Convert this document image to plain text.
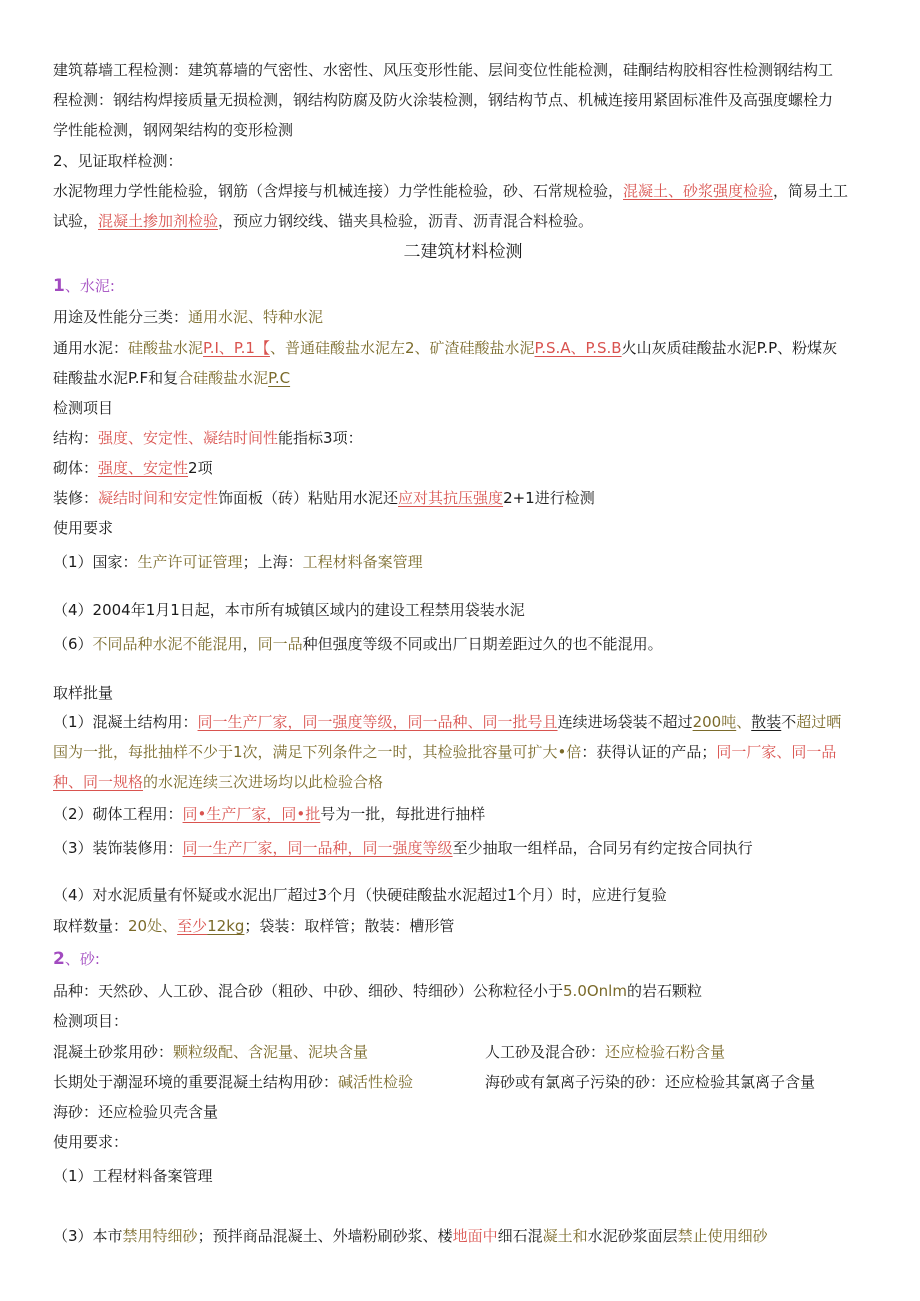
建筑幕墙工程检测：建筑幕墙的气密性、水密性、风压变形性能、层间变位性能检测，硅酮结构胶相容性检测钢结构工
程检测：钢结构焊接质量无损检测，钢结构防腐及防火涂装检测，钢结构节点、机械连接用紧固标准件及高强度螺栓力
学性能检测，钢网架结构的变形检测
2、见证取样检测：
水泥物理力学性能检验，钢筋（含焊接与机械连接）力学性能检验，砂、石常规检验，混凝土、砂浆强度检验，简易土工
试验，混凝土掺加剂检验，预应力钢绞线、锚夹具检验，沥青、沥青混合料检验。
二建筑材料检测
1、水泥:
用途及性能分三类：通用水泥、特种水泥
通用水泥：硅酸盐水泥P.I、P.1【、普通硅酸盐水泥左2、矿渣硅酸盐水泥P.S.A、P.S.B火山灰质硅酸盐水泥P.P、粉煤灰
硅酸盐水泥P.F和复合硅酸盐水泥P.C
检测项目
结构：强度、安定性、凝结时间性能指标3项：
砌体：强度、安定性2项
装修：凝结时间和安定性饰面板（砖）粘贴用水泥还应对其抗压强度2+1进行检测
使用要求
（1）国家：生产许可证管理；上海：工程材料备案管理
（4）2004年1月1日起，本市所有城镇区域内的建设工程禁用袋装水泥
（6）不同品种水泥不能混用，同一品种但强度等级不同或出厂日期差距过久的也不能混用。
取样批量
（1）混凝土结构用：同一生产厂家，同一强度等级，同一品种、同一批号且连续进场袋装不超过200吨、散装不超过晒
国为一批，每批抽样不少于1次，满足下列条件之一时，其检验批容量可扩大•倍：获得认证的产品；同一厂家、同一品
种、同一规格的水泥连续三次进场均以此检验合格
（2）砌体工程用：同•生产厂家，同•批号为一批，每批进行抽样
（3）装饰装修用：同一生产厂家，同一品种，同一强度等级至少抽取一组样品，合同另有约定按合同执行
（4）对水泥质量有怀疑或水泥出厂超过3个月（快硬硅酸盐水泥超过1个月）时，应进行复验
取样数量：20处、至少12kg；袋装：取样管；散装：槽形管
2、砂:
品种：天然砂、人工砂、混合砂（粗砂、中砂、细砂、特细砂）公称粒径小于5.0Onlm的岩石颗粒
检测项目：
混凝土砂浆用砂：颗粒级配、含泥量、泥块含量	人工砂及混合砂：还应检验石粉含量
长期处于潮湿环境的重要混凝土结构用砂：碱活性检验	海砂或有氯离子污染的砂：还应检验其氯离子含量
海砂：还应检验贝壳含量
使用要求：
（1）工程材料备案管理
（3）本市禁用特细砂；预拌商品混凝土、外墙粉刷砂浆、楼地面中细石混凝土和水泥砂浆面层禁止使用细砂
